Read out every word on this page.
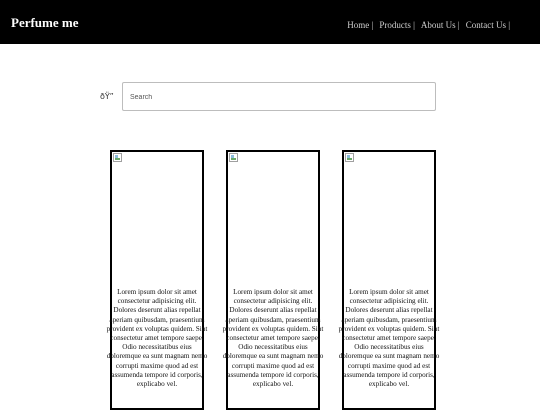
Perfume me	Home | Products | About Us | Contact Us |
ðŸ”
Search
Lorem ipsum dolor sit amet consectetur adipisicing elit. Dolores deserunt alias repellat aperiam quibusdam, praesentium provident ex voluptas quidem. Sint consectetur amet tempore saepe. Odio necessitatibus eius doloremque ea sunt magnam nemo corrupti maxime quod ad est assumenda tempore id corporis, explicabo vel.
Lorem ipsum dolor sit amet consectetur adipisicing elit. Dolores deserunt alias repellat aperiam quibusdam, praesentium provident ex voluptas quidem. Sint consectetur amet tempore saepe. Odio necessitatibus eius doloremque ea sunt magnam nemo corrupti maxime quod ad est assumenda tempore id corporis, explicabo vel.
Lorem ipsum dolor sit amet consectetur adipisicing elit. Dolores deserunt alias repellat aperiam quibusdam, praesentium provident ex voluptas quidem. Sint consectetur amet tempore saepe. Odio necessitatibus eius doloremque ea sunt magnam nemo corrupti maxime quod ad est assumenda tempore id corporis, explicabo vel.
